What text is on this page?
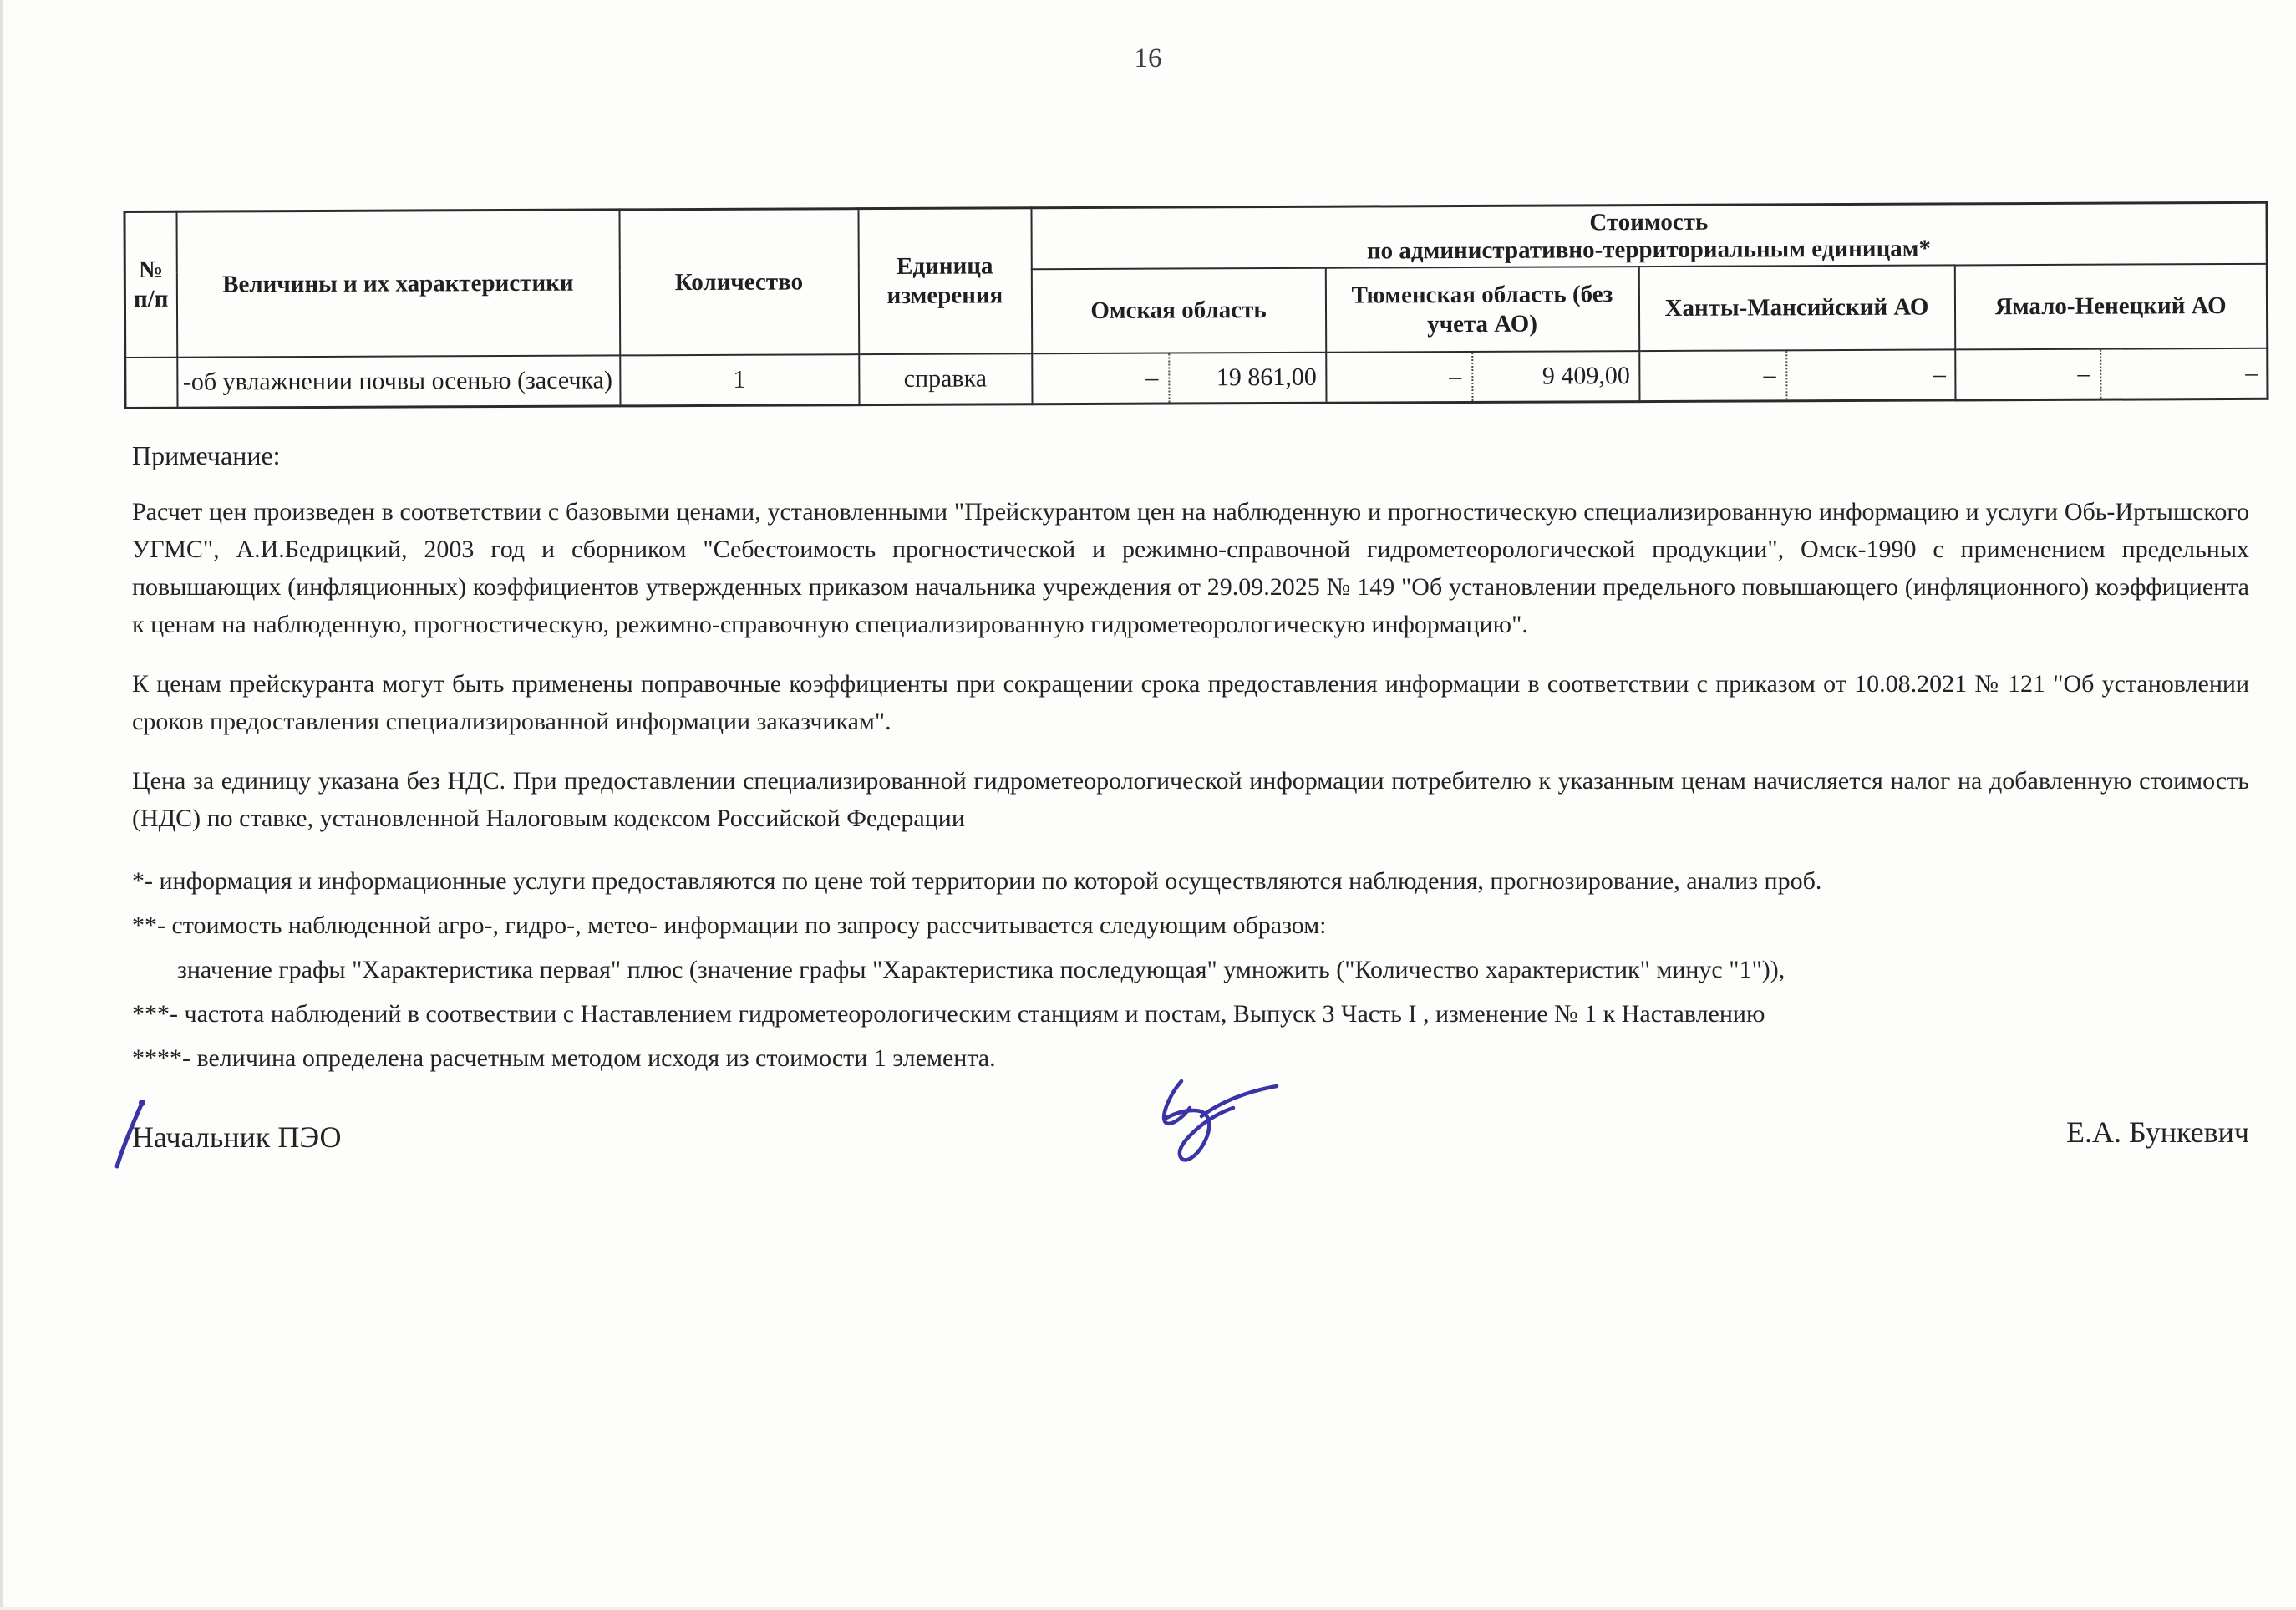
16
№ п/п	Величины и их характеристики	Количество	Единица измерения	Стоимость
по административно-территориальным единицам*			

				Омская область	Тюменская область (без учета АО)	Ханты-Мансийский АО	Ямало-Ненецкий АО
	-об увлажнении почвы осенью (засечка)	1	справка	–	19 861,00	–	9 409,00	–	–	–	–

Примечание:

Расчет цен произведен в соответствии с базовыми ценами, установленными "Прейскурантом цен на наблюденную и прогностическую специализированную информацию и услуги Обь-Иртышского УГМС", А.И.Бедрицкий, 2003 год и сборником "Себестоимость прогностической и режимно-справочной гидрометеорологической продукции", Омск-1990 с применением предельных повышающих (инфляционных) коэффициентов утвержденных приказом начальника учреждения от 29.09.2025 № 149 "Об установлении предельного повышающего (инфляционного) коэффициента к ценам на наблюденную, прогностическую, режимно-справочную специализированную гидрометеорологическую информацию".

К ценам прейскуранта могут быть применены поправочные коэффициенты при сокращении срока предоставления информации в соответствии с приказом от 10.08.2021 № 121 "Об установлении сроков предоставления специализированной информации заказчикам".

Цена за единицу указана без НДС. При предоставлении специализированной гидрометеорологической информации потребителю к указанным ценам начисляется налог на добавленную стоимость (НДС) по ставке, установленной Налоговым кодексом Российской Федерации

*- информация и информационные услуги предоставляются по цене той территории по которой осуществляются наблюдения, прогнозирование, анализ проб.

**- стоимость наблюденной агро-, гидро-, метео- информации по запросу рассчитывается следующим образом:

значение графы "Характеристика первая" плюс (значение графы "Характеристика последующая" умножить ("Количество характеристик" минус "1")),

***- частота наблюдений в соотвествии с Наставлением гидрометеорологическим станциям и постам, Выпуск 3 Часть I , изменение № 1 к Наставлению

****- величина определена расчетным методом исходя из стоимости 1 элемента.

Начальник ПЭО	Е.А. Бункевич
